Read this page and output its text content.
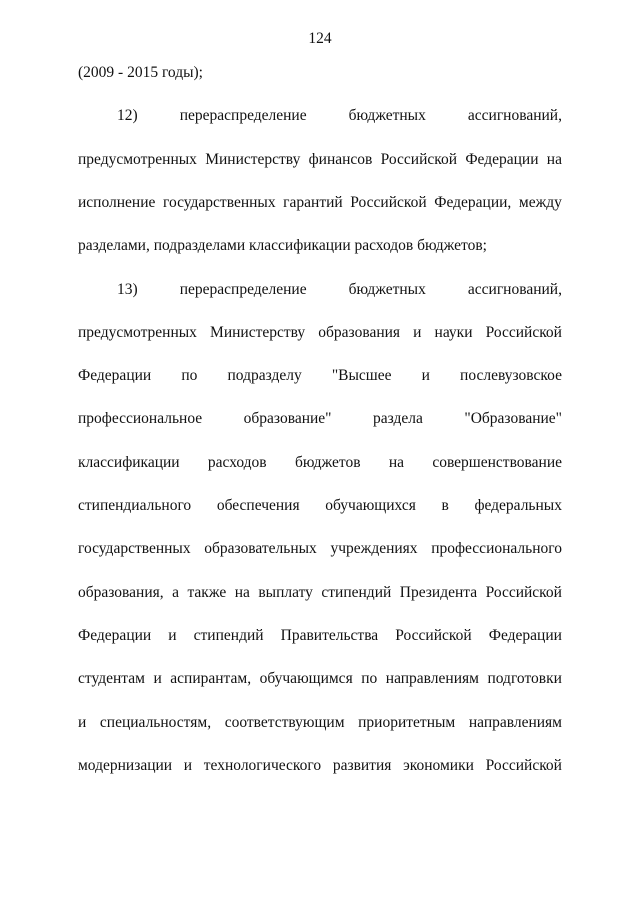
124
(2009 - 2015 годы);
12)	перераспределение	бюджетных	ассигнований,
предусмотренных Министерству финансов Российской Федерации на
исполнение государственных гарантий Российской Федерации, между
разделами, подразделами классификации расходов бюджетов;
13)	перераспределение	бюджетных	ассигнований,
предусмотренных Министерству образования и науки Российской
Федерации по подразделу "Высшее и послевузовское
профессиональное	образование"	раздела	"Образование"
классификации расходов бюджетов на совершенствование
стипендиального обеспечения обучающихся в федеральных
государственных образовательных учреждениях профессионального
образования, а также на выплату стипендий Президента Российской
Федерации и стипендий Правительства Российской Федерации
студентам и аспирантам, обучающимся по направлениям подготовки
и специальностям, соответствующим приоритетным направлениям
модернизации и технологического развития экономики Российской
